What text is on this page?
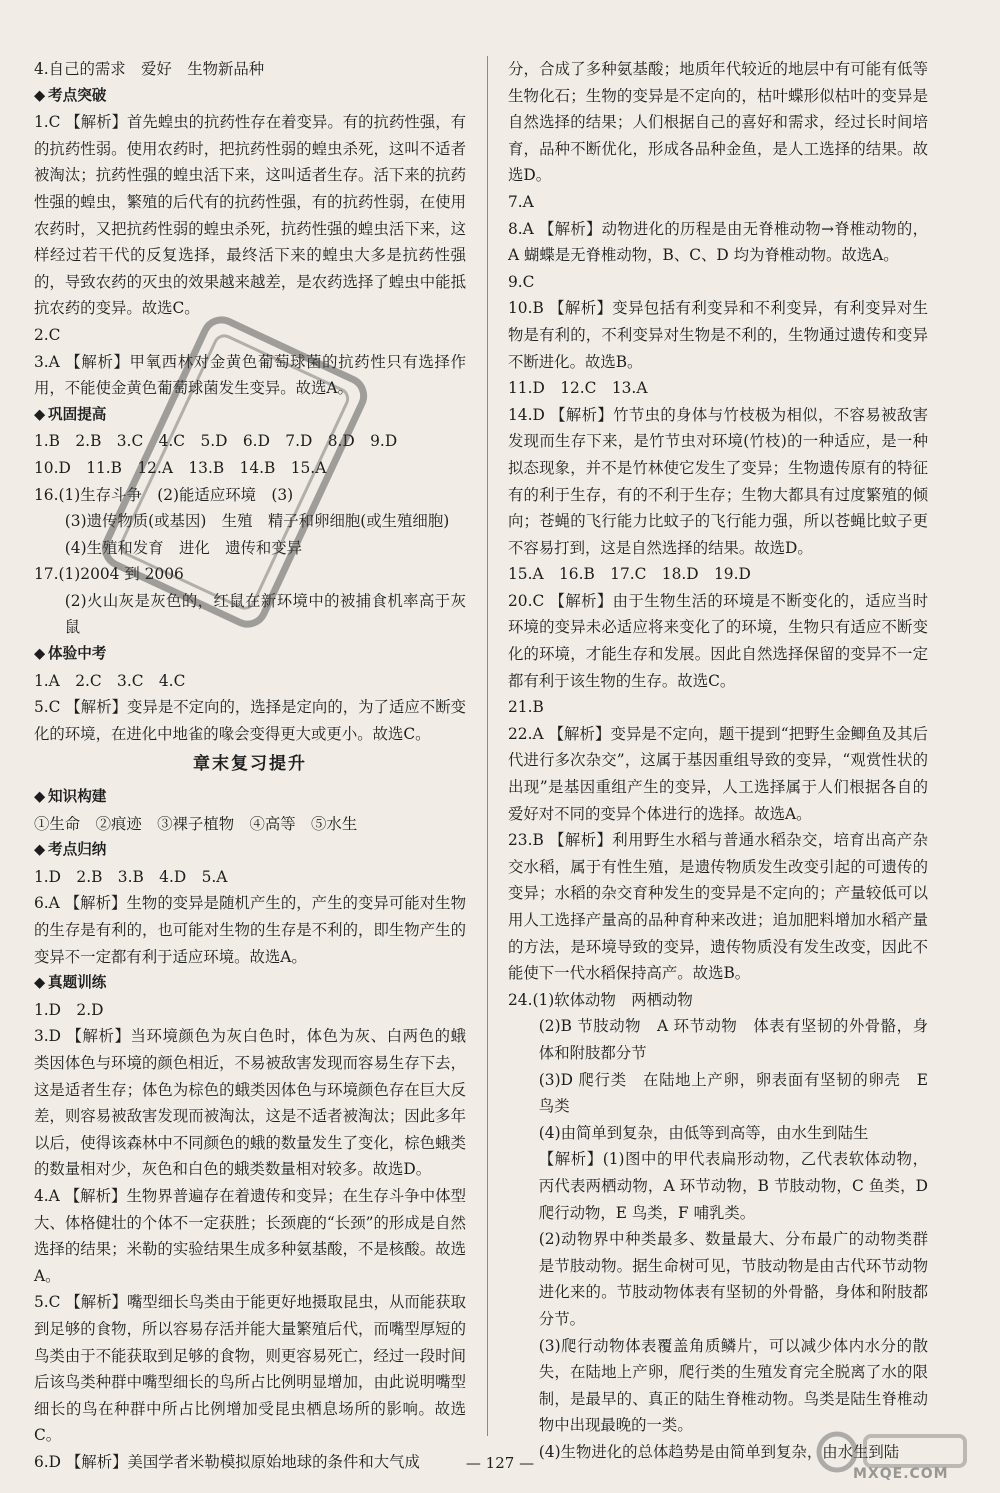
4.自己的需求　爱好　生物新品种

◆ 考点突破

1.C 【解析】首先蝗虫的抗药性存在着变异。有的抗药性强，有的抗药性弱。使用农药时，把抗药性弱的蝗虫杀死，这叫不适者被淘汰；抗药性强的蝗虫活下来，这叫适者生存。活下来的抗药性强的蝗虫，繁殖的后代有的抗药性强，有的抗药性弱，在使用农药时，又把抗药性弱的蝗虫杀死，抗药性强的蝗虫活下来，这样经过若干代的反复选择，最终活下来的蝗虫大多是抗药性强的，导致农药的灭虫的效果越来越差，是农药选择了蝗虫中能抵抗农药的变异。故选C。

2.C

3.A 【解析】甲氧西林对金黄色葡萄球菌的抗药性只有选择作用，不能使金黄色葡萄球菌发生变异。故选A。

◆ 巩固提高

1.B　2.B　3.C　4.C　5.D　6.D　7.D　8.D　9.D

10.D　11.B　12.A　13.B　14.B　15.A

16.(1)生存斗争　(2)能适应环境　(3)

(3)遗传物质(或基因)　生殖　精子和卵细胞(或生殖细胞)

(4)生殖和发育　进化　遗传和变异

17.(1)2004 到 2006

(2)火山灰是灰色的，红鼠在新环境中的被捕食机率高于灰鼠

◆ 体验中考

1.A　2.C　3.C　4.C

5.C 【解析】变异是不定向的，选择是定向的，为了适应不断变化的环境，在进化中地雀的喙会变得更大或更小。故选C。

章末复习提升
◆ 知识构建

①生命　②痕迹　③裸子植物　④高等　⑤水生

◆ 考点归纳

1.D　2.B　3.B　4.D　5.A

6.A 【解析】生物的变异是随机产生的，产生的变异可能对生物的生存是有利的，也可能对生物的生存是不利的，即生物产生的变异不一定都有利于适应环境。故选A。

◆ 真题训练

1.D　2.D

3.D 【解析】当环境颜色为灰白色时，体色为灰、白两色的蛾类因体色与环境的颜色相近，不易被敌害发现而容易生存下去，这是适者生存；体色为棕色的蛾类因体色与环境颜色存在巨大反差，则容易被敌害发现而被淘汰，这是不适者被淘汰；因此多年以后，使得该森林中不同颜色的蛾的数量发生了变化，棕色蛾类的数量相对少，灰色和白色的蛾类数量相对较多。故选D。

4.A 【解析】生物界普遍存在着遗传和变异；在生存斗争中体型大、体格健壮的个体不一定获胜；长颈鹿的“长颈”的形成是自然选择的结果；米勒的实验结果生成多种氨基酸，不是核酸。故选A。

5.C 【解析】嘴型细长鸟类由于能更好地摄取昆虫，从而能获取到足够的食物，所以容易存活并能大量繁殖后代，而嘴型厚短的鸟类由于不能获取到足够的食物，则更容易死亡，经过一段时间后该鸟类种群中嘴型细长的鸟所占比例明显增加，由此说明嘴型细长的鸟在种群中所占比例增加受昆虫栖息场所的影响。故选C。

6.D 【解析】美国学者米勒模拟原始地球的条件和大气成

分，合成了多种氨基酸；地质年代较近的地层中有可能有低等生物化石；生物的变异是不定向的，枯叶蝶形似枯叶的变异是自然选择的结果；人们根据自己的喜好和需求，经过长时间培育，品种不断优化，形成各品种金鱼，是人工选择的结果。故选D。

7.A

8.A 【解析】动物进化的历程是由无脊椎动物→脊椎动物的，A 蝴蝶是无脊椎动物，B、C、D 均为脊椎动物。故选A。

9.C

10.B 【解析】变异包括有利变异和不利变异，有利变异对生物是有利的，不利变异对生物是不利的，生物通过遗传和变异不断进化。故选B。

11.D　12.C　13.A

14.D 【解析】竹节虫的身体与竹枝极为相似，不容易被敌害发现而生存下来，是竹节虫对环境(竹枝)的一种适应，是一种拟态现象，并不是竹林使它发生了变异；生物遗传原有的特征有的利于生存，有的不利于生存；生物大都具有过度繁殖的倾向；苍蝇的飞行能力比蚊子的飞行能力强，所以苍蝇比蚊子更不容易打到，这是自然选择的结果。故选D。

15.A　16.B　17.C　18.D　19.D

20.C 【解析】由于生物生活的环境是不断变化的，适应当时环境的变异未必适应将来变化了的环境，生物只有适应不断变化的环境，才能生存和发展。因此自然选择保留的变异不一定都有利于该生物的生存。故选C。

21.B

22.A 【解析】变异是不定向，题干提到“把野生金鲫鱼及其后代进行多次杂交”，这属于基因重组导致的变异，“观赏性状的出现”是基因重组产生的变异，人工选择属于人们根据各自的爱好对不同的变异个体进行的选择。故选A。

23.B 【解析】利用野生水稻与普通水稻杂交，培育出高产杂交水稻，属于有性生殖，是遗传物质发生改变引起的可遗传的变异；水稻的杂交育种发生的变异是不定向的；产量较低可以用人工选择产量高的品种育种来改进；追加肥料增加水稻产量的方法，是环境导致的变异，遗传物质没有发生改变，因此不能使下一代水稻保持高产。故选B。

24.(1)软体动物　两栖动物

(2)B 节肢动物　A 环节动物　体表有坚韧的外骨骼，身体和附肢都分节

(3)D 爬行类　在陆地上产卵，卵表面有坚韧的卵壳　E 鸟类

(4)由简单到复杂，由低等到高等，由水生到陆生

【解析】(1)图中的甲代表扁形动物，乙代表软体动物，丙代表两栖动物，A 环节动物，B 节肢动物，C 鱼类，D 爬行动物，E 鸟类，F 哺乳类。

(2)动物界中种类最多、数量最大、分布最广的动物类群是节肢动物。据生命树可见，节肢动物是由古代环节动物进化来的。节肢动物体表有坚韧的外骨骼，身体和附肢都分节。

(3)爬行动物体表覆盖角质鳞片，可以减少体内水分的散失，在陆地上产卵，爬行类的生殖发育完全脱离了水的限制，是最早的、真正的陆生脊椎动物。鸟类是陆生脊椎动物中出现最晚的一类。

(4)生物进化的总体趋势是由简单到复杂，由水生到陆

— 127 —
MXQE.COM
